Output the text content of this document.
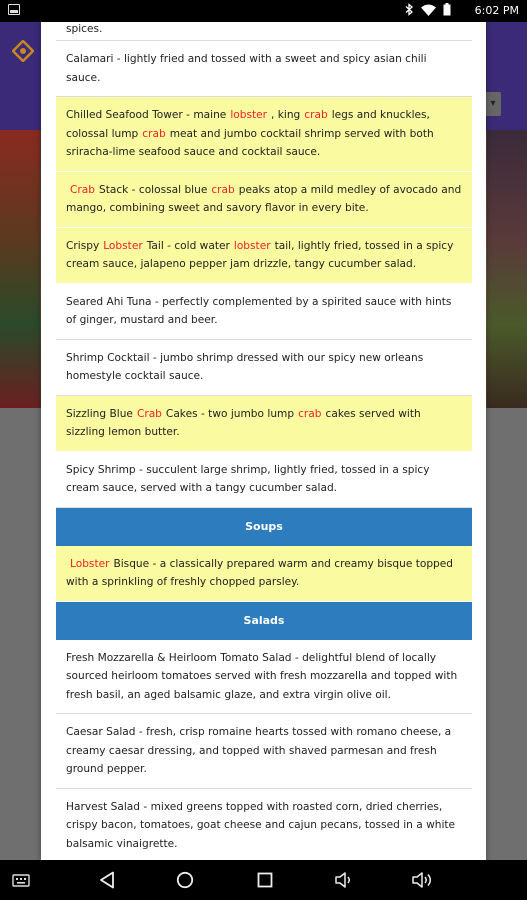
6:02 PM
▾
spices.
Calamari - lightly fried and tossed with a sweet and spicy asian chili sauce.
Chilled Seafood Tower - maine lobster , king crab legs and knuckles, colossal lump crab meat and jumbo cocktail shrimp served with both sriracha-lime seafood sauce and cocktail sauce.
Crab Stack - colossal blue crab peaks atop a mild medley of avocado and mango, combining sweet and savory flavor in every bite.
Crispy Lobster Tail - cold water lobster tail, lightly fried, tossed in a spicy cream sauce, jalapeno pepper jam drizzle, tangy cucumber salad.
Seared Ahi Tuna - perfectly complemented by a spirited sauce with hints of ginger, mustard and beer.
Shrimp Cocktail - jumbo shrimp dressed with our spicy new orleans homestyle cocktail sauce.
Sizzling Blue Crab Cakes - two jumbo lump crab cakes served with sizzling lemon butter.
Spicy Shrimp - succulent large shrimp, lightly fried, tossed in a spicy cream sauce, served with a tangy cucumber salad.
Soups
Lobster Bisque - a classically prepared warm and creamy bisque topped with a sprinkling of freshly chopped parsley.
Salads
Fresh Mozzarella & Heirloom Tomato Salad - delightful blend of locally sourced heirloom tomatoes served with fresh mozzarella and topped with fresh basil, an aged balsamic glaze, and extra virgin olive oil.
Caesar Salad - fresh, crisp romaine hearts tossed with romano cheese, a creamy caesar dressing, and topped with shaved parmesan and fresh ground pepper.
Harvest Salad - mixed greens topped with roasted corn, dried cherries, crispy bacon, tomatoes, goat cheese and cajun pecans, tossed in a white balsamic vinaigrette.
